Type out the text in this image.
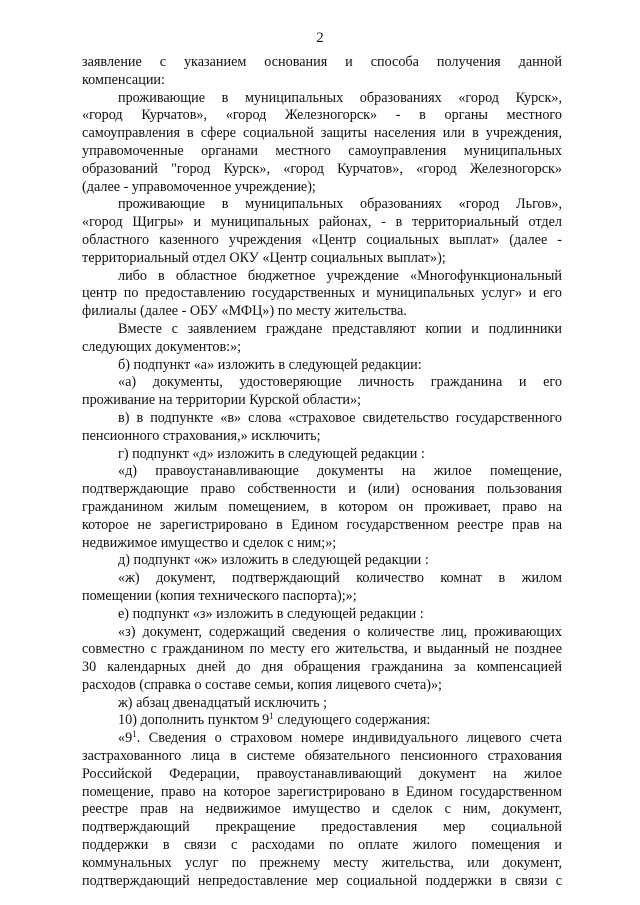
2
заявление с указанием основания и способа получения данной
компенсации:
проживающие в муниципальных образованиях «город Курск»,
«город Курчатов», «город Железногорск» - в органы местного
самоуправления в сфере социальной защиты населения или в учреждения,
управомоченные органами местного самоуправления муниципальных
образований "город Курск», «город Курчатов», «город Железногорск»
(далее - управомоченное учреждение);
проживающие в муниципальных образованиях «город Льгов»,
«город Щигры» и муниципальных районах, - в территориальный отдел
областного казенного учреждения «Центр социальных выплат» (далее -
территориальный отдел ОКУ «Центр социальных выплат»);
либо в областное бюджетное учреждение «Многофункциональный
центр по предоставлению государственных и муниципальных услуг» и его
филиалы (далее - ОБУ «МФЦ») по месту жительства.
Вместе с заявлением граждане представляют копии и подлинники
следующих документов:»;
б) подпункт «а» изложить в следующей редакции:
«а) документы, удостоверяющие личность гражданина и его
проживание на территории Курской области»;
в) в подпункте «в» слова «страховое свидетельство государственного
пенсионного страхования,» исключить;
г) подпункт «д» изложить в следующей редакции :
«д) правоустанавливающие документы на жилое помещение,
подтверждающие право собственности и (или) основания пользования
гражданином жилым помещением, в котором он проживает, право на
которое не зарегистрировано в Едином государственном реестре прав на
недвижимое имущество и сделок с ним;»;
д) подпункт «ж» изложить в следующей редакции :
«ж) документ, подтверждающий количество комнат в жилом
помещении (копия технического паспорта);»;
е) подпункт «з» изложить в следующей редакции :
«з) документ, содержащий сведения о количестве лиц, проживающих
совместно с гражданином по месту его жительства, и выданный не позднее
30 календарных дней до дня обращения гражданина за компенсацией
расходов (справка о составе семьи, копия лицевого счета)»;
ж) абзац двенадцатый исключить ;
10) дополнить пунктом $9^1$ следующего содержания:
«$9^1$. Сведения о страховом номере индивидуального лицевого счета
застрахованного лица в системе обязательного пенсионного страхования
Российской Федерации, правоустанавливающий документ на жилое
помещение, право на которое зарегистрировано в Едином государственном
реестре прав на недвижимое имущество и сделок с ним, документ,
подтверждающий прекращение предоставления мер социальной
поддержки в связи с расходами по оплате жилого помещения и
коммунальных услуг по прежнему месту жительства, или документ,
подтверждающий непредоставление мер социальной поддержки в связи с
